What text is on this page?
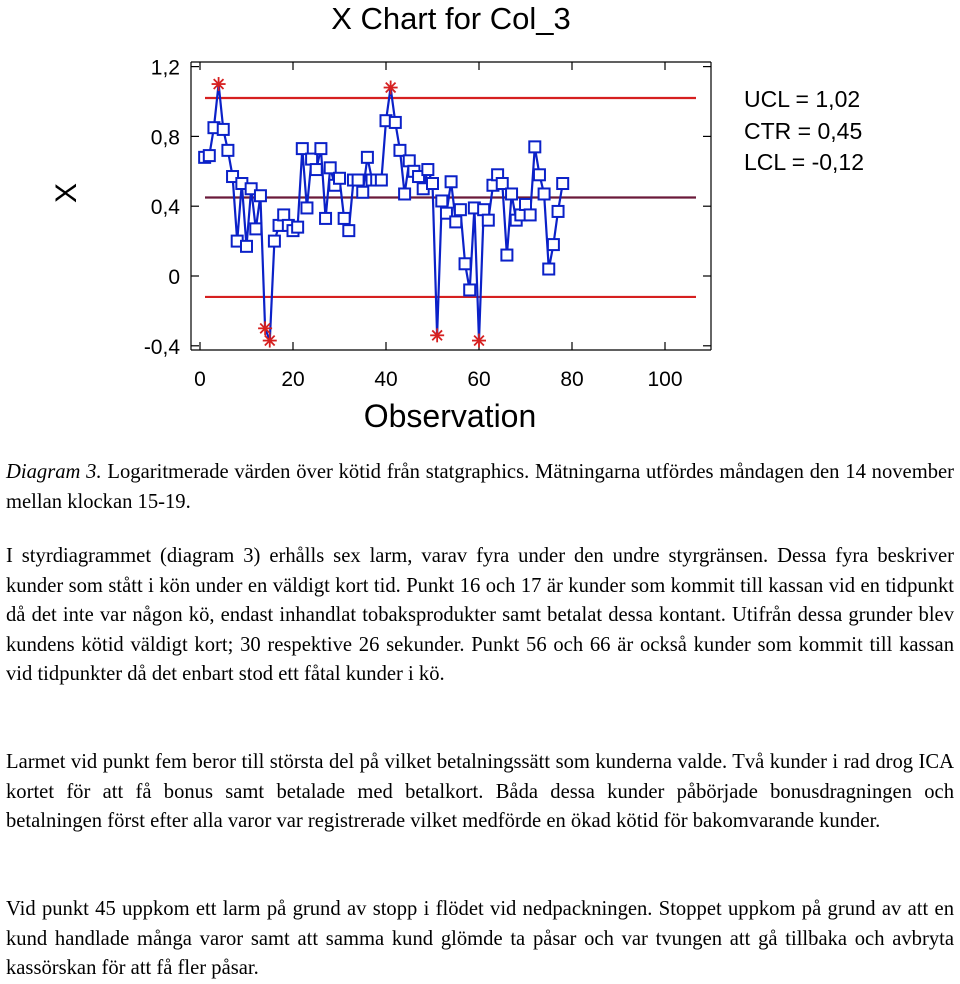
X Chart for Col_3
X
Observation
-0,4
0
0,4
0,8
1,2
0	20	40	60	80	100
UCL = 1,02
CTR = 0,45
LCL = -0,12
Diagram 3. Logaritmerade värden över kötid från statgraphics. Mätningarna utfördes måndagen den 14 november mellan klockan 15-19.
I styrdiagrammet (diagram 3) erhålls sex larm, varav fyra under den undre styrgränsen. Dessa fyra beskriver kunder som stått i kön under en väldigt kort tid. Punkt 16 och 17 är kunder som kommit till kassan vid en tidpunkt då det inte var någon kö, endast inhandlat tobaksprodukter samt betalat dessa kontant. Utifrån dessa grunder blev kundens kötid väldigt kort; 30 respektive 26 sekunder. Punkt 56 och 66 är också kunder som kommit till kassan vid tidpunkter då det enbart stod ett fåtal kunder i kö.
Larmet vid punkt fem beror till största del på vilket betalningssätt som kunderna valde. Två kunder i rad drog ICA kortet för att få bonus samt betalade med betalkort. Båda dessa kunder påbörjade bonusdragningen och betalningen först efter alla varor var registrerade vilket medförde en ökad kötid för bakomvarande kunder.
Vid punkt 45 uppkom ett larm på grund av stopp i flödet vid nedpackningen. Stoppet uppkom på grund av att en kund handlade många varor samt att samma kund glömde ta påsar och var tvungen att gå tillbaka och avbryta kassörskan för att få fler påsar.
